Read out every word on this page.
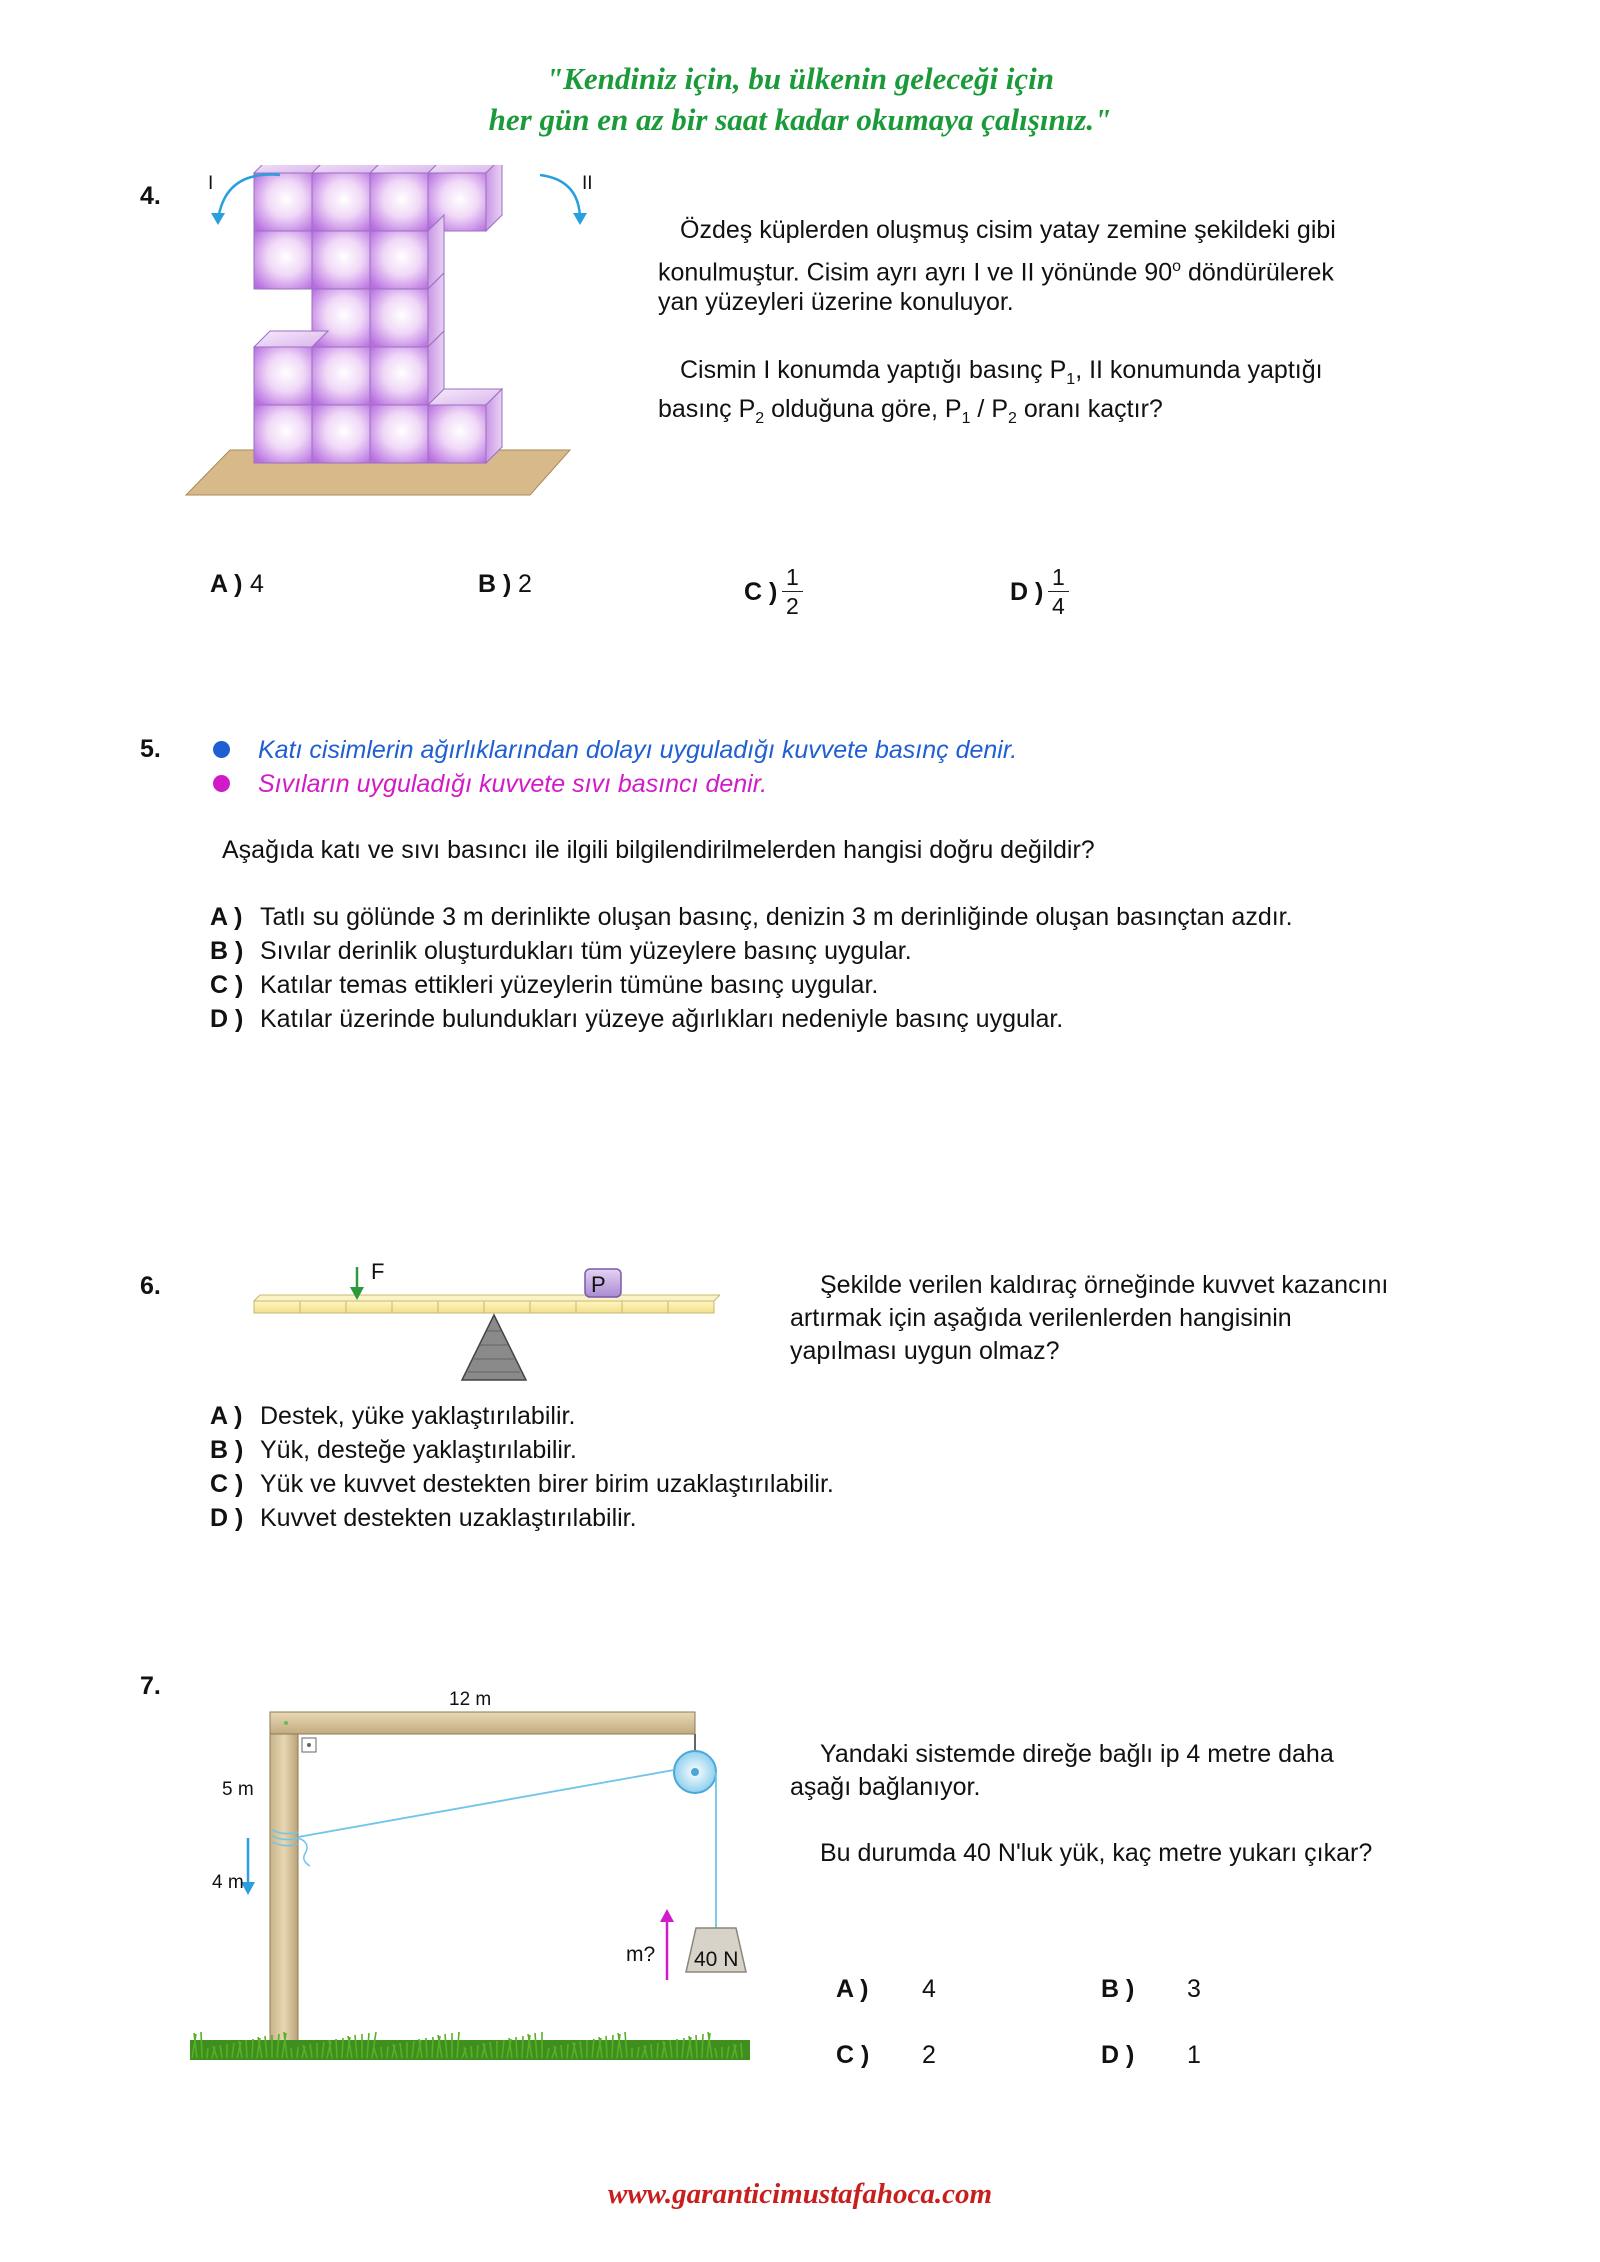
"Kendiniz için, bu ülkenin geleceği için
her gün en az bir saat kadar okumaya çalışınız."
4. I	II
Özdeş küplerden oluşmuş cisim yatay zemine şekildeki gibi
konulmuştur. Cisim ayrı ayrı I ve II yönünde 90$^o$ döndürülerek
yan yüzeyleri üzerine konuluyor.
Cismin I konumda yaptığı basınç $P_1$, II konumunda yaptığı
basınç $P_2$ olduğuna göre, $P_1 / P_2$ oranı kaçtır?
A ) 4	B ) 2	C ) $\frac{1}{2}$	D ) $\frac{1}{4}$
5.	Katı cisimlerin ağırlıklarından dolayı uyguladığı kuvvete basınç denir.
Sıvıların uyguladığı kuvvete sıvı basıncı denir.
Aşağıda katı ve sıvı basıncı ile ilgili bilgilendirilmelerden hangisi doğru değildir?
A ) Tatlı su gölünde 3 m derinlikte oluşan basınç, denizin 3 m derinliğinde oluşan basınçtan azdır.
B ) Sıvılar derinlik oluşturdukları tüm yüzeylere basınç uygular.
C ) Katılar temas ettikleri yüzeylerin tümüne basınç uygular.
D ) Katılar üzerinde bulundukları yüzeye ağırlıkları nedeniyle basınç uygular.
6.
F
P	Şekilde verilen kaldıraç örneğinde kuvvet kazancını
artırmak için aşağıda verilenlerden hangisinin
yapılması uygun olmaz?
A ) Destek, yüke yaklaştırılabilir.
B ) Yük, desteğe yaklaştırılabilir.
C ) Yük ve kuvvet destekten birer birim uzaklaştırılabilir.
D ) Kuvvet destekten uzaklaştırılabilir.
7.	12 m
5 m
4 m
m? 40 N
Yandaki sistemde direğe bağlı ip 4 metre daha
aşağı bağlanıyor.
Bu durumda 40 N'luk yük, kaç metre yukarı çıkar?
A ) 4	B ) 3
C ) 2	D ) 1
www.garanticimustafahoca.com
